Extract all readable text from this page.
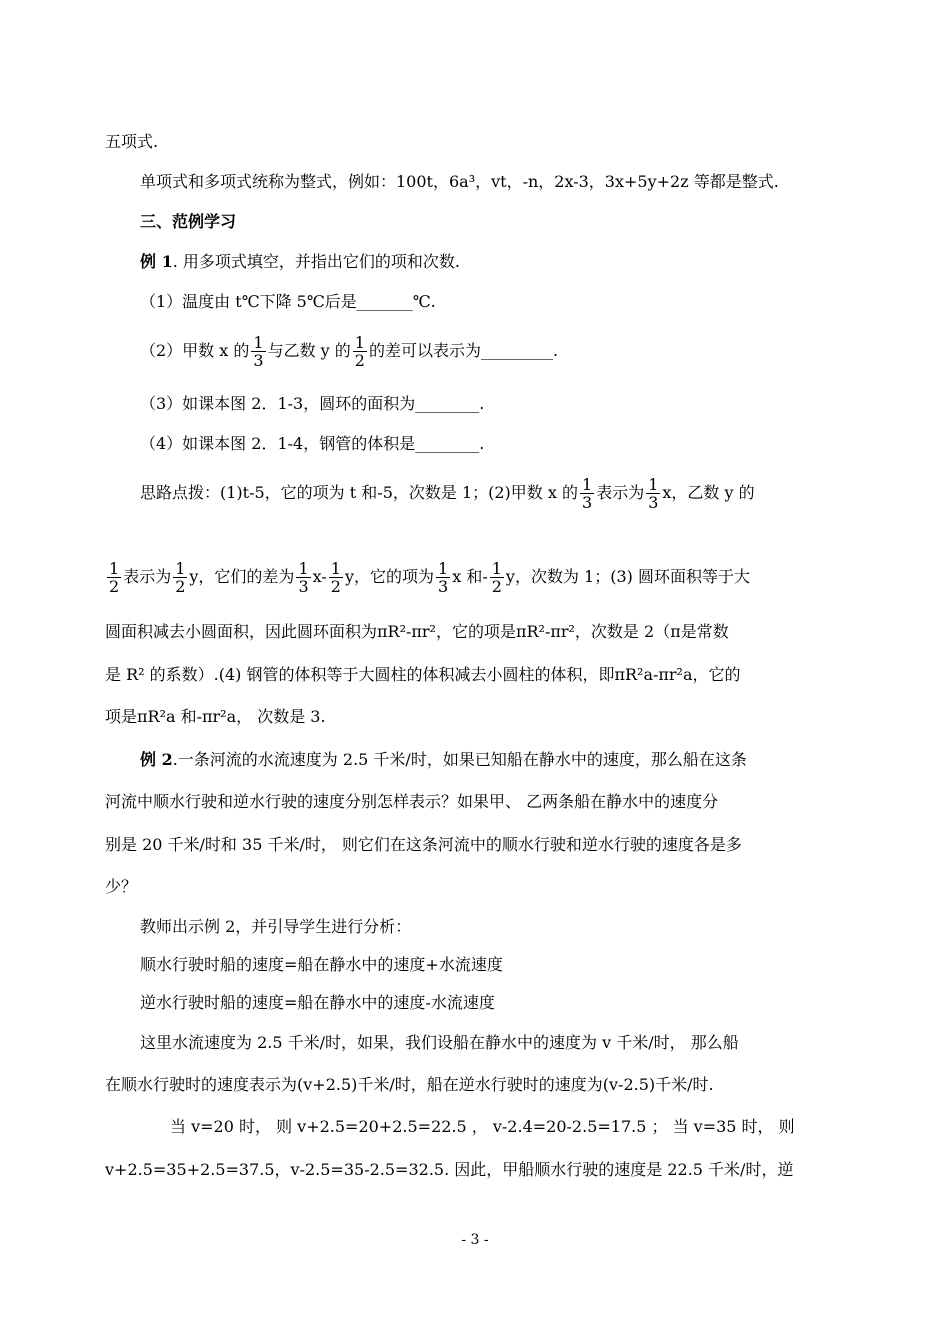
五项式.
单项式和多项式统称为整式，例如：100t，6a³，vt，-n，2x-3，3x+5y+2z 等都是整式.
三、范例学习
例 1. 用多项式填空，并指出它们的项和次数.
（1）温度由 t℃下降 5℃后是_______℃.
（2）甲数 x 的 $\frac{1}{3}$ 与乙数 y 的 $\frac{1}{2}$ 的差可以表示为_________.
（3）如课本图 2．1-3，圆环的面积为________.
（4）如课本图 2．1-4，钢管的体积是________.
思路点拨：(1)t-5，它的项为 t 和-5，次数是 1；(2)甲数 x 的 $\frac{1}{3}$ 表示为 $\frac{1}{3}$ x，乙数 y 的
$\frac{1}{2}$ 表示为 $\frac{1}{2}$ y，它们的差为 $\frac{1}{3} x- \frac{1}{2}$ y，它的项为 $\frac{1}{3}$ x 和- $\frac{1}{2}$ y，次数为 1；(3) 圆环面积等于大
圆面积减去小圆面积，因此圆环面积为πR²-πr²，它的项是πR²-πr²，次数是 2（π是常数
是 R² 的系数）.(4) 钢管的体积等于大圆柱的体积减去小圆柱的体积，即πR²a-πr²a，它的
项是πR²a 和-πr²a， 次数是 3.
例 2.一条河流的水流速度为 2.5 千米/时，如果已知船在静水中的速度，那么船在这条
河流中顺水行驶和逆水行驶的速度分别怎样表示？如果甲、 乙两条船在静水中的速度分
别是 20 千米/时和 35 千米/时， 则它们在这条河流中的顺水行驶和逆水行驶的速度各是多
少？
教师出示例 2，并引导学生进行分析：
顺水行驶时船的速度=船在静水中的速度+水流速度
逆水行驶时船的速度=船在静水中的速度-水流速度
这里水流速度为 2.5 千米/时，如果，我们设船在静水中的速度为 v 千米/时， 那么船
在顺水行驶时的速度表示为(v+2.5)千米/时，船在逆水行驶时的速度为(v-2.5)千米/时.
当 v=20 时， 则 v+2.5=20+2.5=22.5 ， v-2.4=20-2.5=17.5 ； 当 v=35 时， 则
v+2.5=35+2.5=37.5，v-2.5=35-2.5=32.5. 因此，甲船顺水行驶的速度是 22.5 千米/时，逆
- 3 -
